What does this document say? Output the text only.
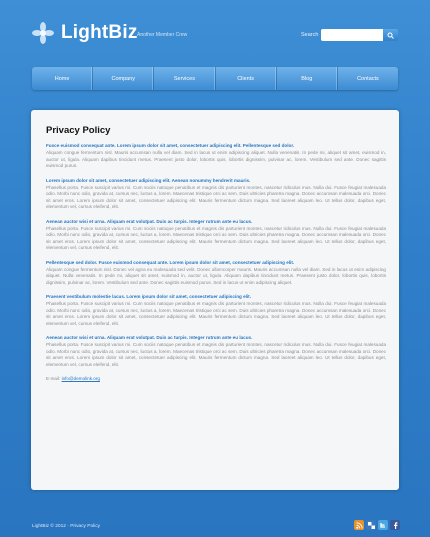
LightBiz Another Member Crew	Search
Home	Company	Services	Clients	Blog	Contacts
Privacy Policy
Fusce euismod consequat ante. Lorem ipsum dolor sit amet, consectetuer adipiscing elit. Pellentesque sed dolor.
Aliquam congue fermentum nisl. Mauris accumsan nulla vel diam. Sed in lacus ut enim adipiscing aliquet. Nulla venenatis. In pede mi, aliquet sit amet, euismod in, auctor ut, ligula. Aliquam dapibus tincidunt metus. Praesent justo dolor, lobortis quis, lobortis dignissim, pulvinar ac, lorem. Vestibulum sed ante. Donec sagittis euismod purus.
Lorem ipsum dolor sit amet, consectetuer adipiscing elit. Aenean nonummy hendrerit mauris.
Phasellus porta. Fusce suscipit varius mi. Cum sociis natoque penatibus et magnis dis parturient montes, nascetur ridiculus mus. Nulla dui. Fusce feugiat malesuada odio. Morbi nunc odio, gravida at, cursus nec, luctus a, lorem. Maecenas tristique orci ac sem. Duis ultricies pharetra magna. Donec accumsan malesuada orci. Donec sit amet eros. Lorem ipsum dolor sit amet, consectetuer adipiscing elit. Mauris fermentum dictum magna. Sed laoreet aliquam leo. Ut tellus dolor, dapibus eget, elementum vel, cursus eleifend, elit.
Aenean auctor wisi et urna. Aliquam erat volutpat. Duis ac turpis. Integer rutrum ante eu lacus.
Phasellus porta. Fusce suscipit varius mi. Cum sociis natoque penatibus et magnis dis parturient montes, nascetur ridiculus mus. Nulla dui. Fusce feugiat malesuada odio. Morbi nunc odio, gravida at, cursus nec, luctus a, lorem. Maecenas tristique orci ac sem. Duis ultricies pharetra magna. Donec accumsan malesuada orci. Donec sit amet eros. Lorem ipsum dolor sit amet, consectetuer adipiscing elit. Mauris fermentum dictum magna. Sed laoreet aliquam leo. Ut tellus dolor, dapibus eget, elementum vel, cursus eleifend, elit.
Pellentesque sed dolor. Fusce euismod consequat ante. Lorem ipsum dolor sit amet, consectetuer adipiscing elit.
Aliquam congue fermentum nisl. Donec vel agna eu malesuada sed velit. Donec ullamcorper mauris. Mauris accumsan nulla vel diam. Sed in lacus ut enim adipiscing aliquet. Nulla venenatis. In pede mi, aliquet sit amet, euismod in, auctor ut, ligula. Aliquam dapibus tincidunt metus. Praesent justo dolor, lobortis quis, lobortis dignissim, pulvinar ac, lorem. Vestibulum sed ante. Donec sagittis euismod purus. Sed in lacus ut enim adipiscing aliquet.
Praesent vestibulum molestie lacus. Lorem ipsum dolor sit amet, consectetuer adipiscing elit.
Phasellus porta. Fusce suscipit varius mi. Cum sociis natoque penatibus et magnis dis parturient montes, nascetur ridiculus mus. Nulla dui. Fusce feugiat malesuada odio. Morbi nunc odio, gravida at, cursus nec, luctus a, lorem. Maecenas tristique orci ac sem. Duis ultricies pharetra magna. Donec accumsan malesuada orci. Donec sit amet eros. Lorem ipsum dolor sit amet, consectetuer adipiscing elit. Mauris fermentum dictum magna. Sed laoreet aliquam leo. Ut tellus dolor, dapibus eget, elementum vel, cursus eleifend, elit.
Aenean auctor wisi et urna. Aliquam erat volutpat. Duis ac turpis. Integer rutrum ante eu lacus.
Phasellus porta. Fusce suscipit varius mi. Cum sociis natoque penatibus et magnis dis parturient montes, nascetur ridiculus mus. Nulla dui. Fusce feugiat malesuada odio. Morbi nunc odio, gravida at, cursus nec, luctus a, lorem. Maecenas tristique orci ac sem. Duis ultricies pharetra magna. Donec accumsan malesuada orci. Donec sit amet eros. Lorem ipsum dolor sit amet, consectetuer adipiscing elit. Mauris fermentum dictum magna. Sed laoreet aliquam leo. Ut tellus dolor, dapibus eget, elementum vel, cursus eleifend, elit.
E-mail: info@demolink.org
LightBiz © 2012 · Privacy Policy
